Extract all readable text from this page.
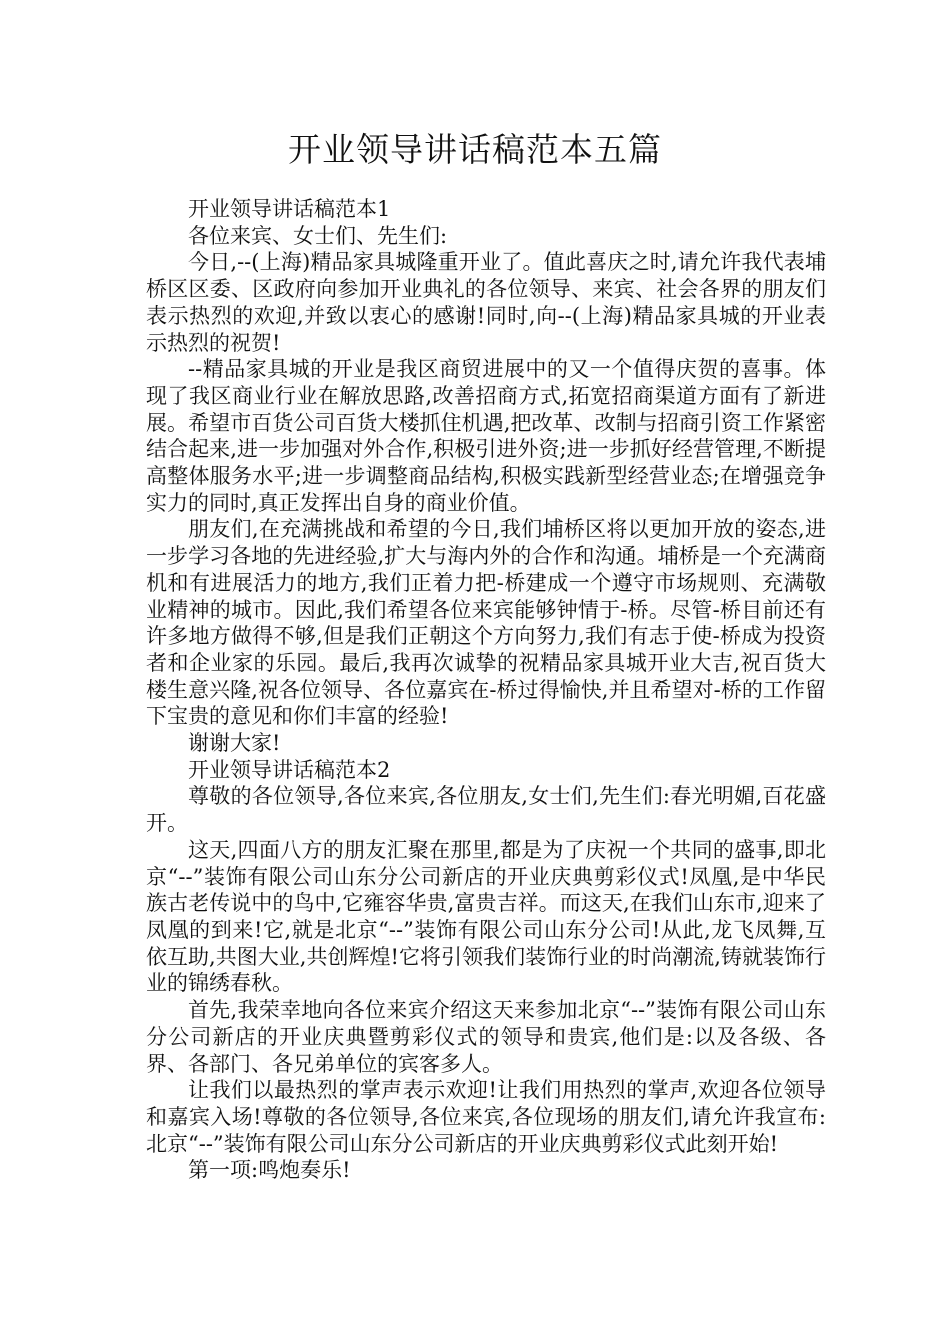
开业领导讲话稿范本五篇

开业领导讲话稿范本1

各位来宾、女士们、先生们:

今日,--(上海)精品家具城隆重开业了。值此喜庆之时,请允许我代表埔桥区区委、区政府向参加开业典礼的各位领导、来宾、社会各界的朋友们表示热烈的欢迎,并致以衷心的感谢!同时,向--(上海)精品家具城的开业表示热烈的祝贺!

--精品家具城的开业是我区商贸进展中的又一个值得庆贺的喜事。体现了我区商业行业在解放思路,改善招商方式,拓宽招商渠道方面有了新进展。希望市百货公司百货大楼抓住机遇,把改革、改制与招商引资工作紧密结合起来,进一步加强对外合作,积极引进外资;进一步抓好经营管理,不断提高整体服务水平;进一步调整商品结构,积极实践新型经营业态;在增强竞争实力的同时,真正发挥出自身的商业价值。

朋友们,在充满挑战和希望的今日,我们埔桥区将以更加开放的姿态,进一步学习各地的先进经验,扩大与海内外的合作和沟通。埔桥是一个充满商机和有进展活力的地方,我们正着力把-桥建成一个遵守市场规则、充满敬业精神的城市。因此,我们希望各位来宾能够钟情于-桥。尽管-桥目前还有许多地方做得不够,但是我们正朝这个方向努力,我们有志于使-桥成为投资者和企业家的乐园。最后,我再次诚挚的祝精品家具城开业大吉,祝百货大楼生意兴隆,祝各位领导、各位嘉宾在-桥过得愉快,并且希望对-桥的工作留下宝贵的意见和你们丰富的经验!

谢谢大家!

开业领导讲话稿范本2

尊敬的各位领导,各位来宾,各位朋友,女士们,先生们:春光明媚,百花盛开。

这天,四面八方的朋友汇聚在那里,都是为了庆祝一个共同的盛事,即北京“--”装饰有限公司山东分公司新店的开业庆典剪彩仪式!凤凰,是中华民族古老传说中的鸟中,它雍容华贵,富贵吉祥。而这天,在我们山东市,迎来了凤凰的到来!它,就是北京“--”装饰有限公司山东分公司!从此,龙飞凤舞,互依互助,共图大业,共创辉煌!它将引领我们装饰行业的时尚潮流,铸就装饰行业的锦绣春秋。

首先,我荣幸地向各位来宾介绍这天来参加北京“--”装饰有限公司山东分公司新店的开业庆典暨剪彩仪式的领导和贵宾,他们是:以及各级、各界、各部门、各兄弟单位的宾客多人。

让我们以最热烈的掌声表示欢迎!让我们用热烈的掌声,欢迎各位领导和嘉宾入场!尊敬的各位领导,各位来宾,各位现场的朋友们,请允许我宣布:北京“--”装饰有限公司山东分公司新店的开业庆典剪彩仪式此刻开始!

第一项:鸣炮奏乐!
